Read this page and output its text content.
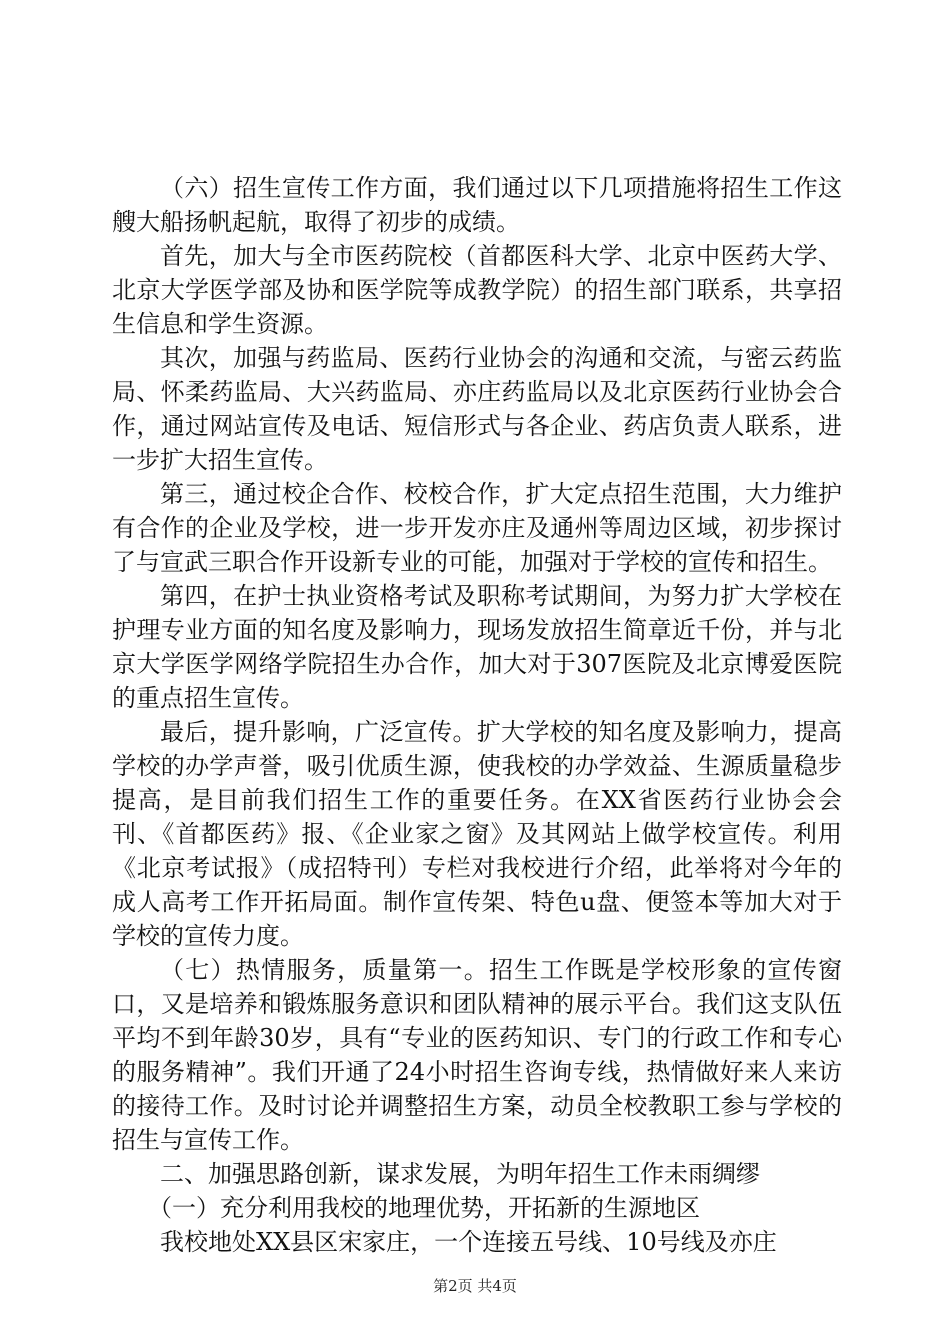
（六）招生宣传工作方面，我们通过以下几项措施将招生工作这艘大船扬帆起航，取得了初步的成绩。

首先，加大与全市医药院校（首都医科大学、北京中医药大学、北京大学医学部及协和医学院等成教学院）的招生部门联系，共享招生信息和学生资源。

其次，加强与药监局、医药行业协会的沟通和交流，与密云药监局、怀柔药监局、大兴药监局、亦庄药监局以及北京医药行业协会合作，通过网站宣传及电话、短信形式与各企业、药店负责人联系，进一步扩大招生宣传。

第三，通过校企合作、校校合作，扩大定点招生范围，大力维护有合作的企业及学校，进一步开发亦庄及通州等周边区域，初步探讨了与宣武三职合作开设新专业的可能，加强对于学校的宣传和招生。

第四，在护士执业资格考试及职称考试期间，为努力扩大学校在护理专业方面的知名度及影响力，现场发放招生简章近千份，并与北京大学医学网络学院招生办合作，加大对于307医院及北京博爱医院的重点招生宣传。

最后，提升影响，广泛宣传。扩大学校的知名度及影响力，提高学校的办学声誉，吸引优质生源，使我校的办学效益、生源质量稳步提高，是目前我们招生工作的重要任务。在XX省医药行业协会会刊、《首都医药》报、《企业家之窗》及其网站上做学校宣传。利用《北京考试报》（成招特刊）专栏对我校进行介绍，此举将对今年的成人高考工作开拓局面。制作宣传架、特色u盘、便签本等加大对于学校的宣传力度。

（七）热情服务，质量第一。招生工作既是学校形象的宣传窗口，又是培养和锻炼服务意识和团队精神的展示平台。我们这支队伍平均不到年龄30岁，具有“专业的医药知识、专门的行政工作和专心的服务精神”。我们开通了24小时招生咨询专线，热情做好来人来访的接待工作。及时讨论并调整招生方案，动员全校教职工参与学校的招生与宣传工作。

二、加强思路创新，谋求发展，为明年招生工作未雨绸缪

（一）充分利用我校的地理优势，开拓新的生源地区

我校地处XX县区宋家庄，一个连接五号线、10号线及亦庄

第2页 共4页
